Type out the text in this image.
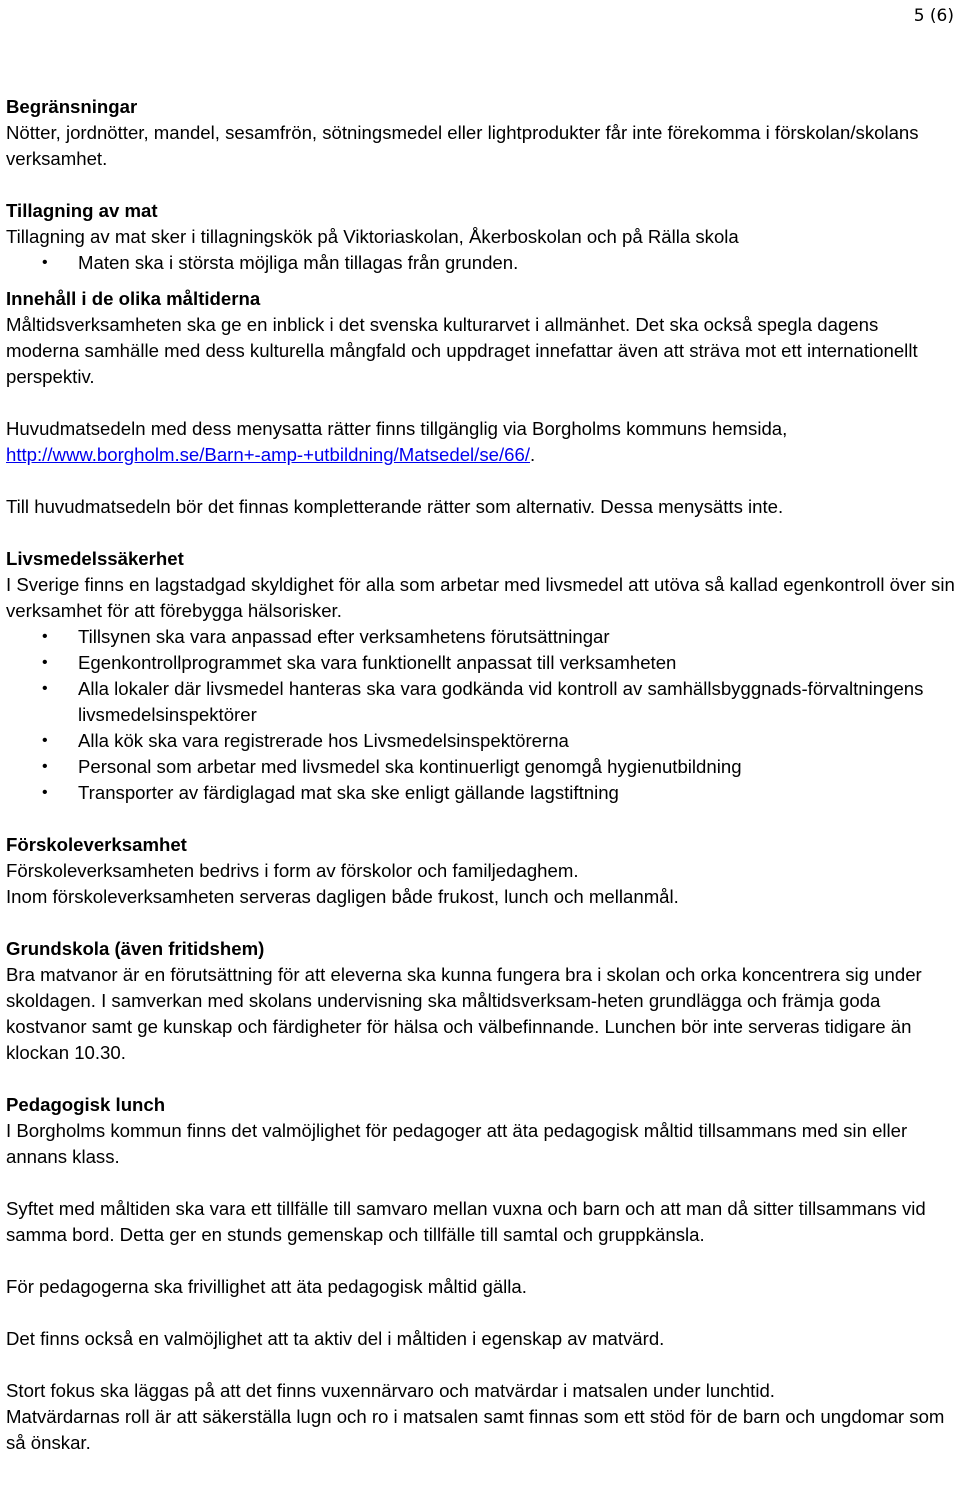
5 (6)

Begränsningar

Nötter, jordnötter, mandel, sesamfrön, sötningsmedel eller lightprodukter får inte förekomma i förskolan/skolans verksamhet.

Tillagning av mat

Tillagning av mat sker i tillagningskök på Viktoriaskolan, Åkerboskolan och på Rälla skola

• Maten ska i största möjliga mån tillagas från grunden.

Innehåll i de olika måltiderna

Måltidsverksamheten ska ge en inblick i det svenska kulturarvet i allmänhet. Det ska också spegla dagens moderna samhälle med dess kulturella mångfald och uppdraget innefattar även att sträva mot ett internationellt perspektiv.

Huvudmatsedeln med dess menysatta rätter finns tillgänglig via Borgholms kommuns hemsida,
http://www.borgholm.se/Barn+-amp-+utbildning/Matsedel/se/66/.

Till huvudmatsedeln bör det finnas kompletterande rätter som alternativ. Dessa menysätts inte.

Livsmedelssäkerhet

I Sverige finns en lagstadgad skyldighet för alla som arbetar med livsmedel att utöva så kallad egenkontroll över sin verksamhet för att förebygga hälsorisker.

• Tillsynen ska vara anpassad efter verksamhetens förutsättningar
• Egenkontrollprogrammet ska vara funktionellt anpassat till verksamheten
• Alla lokaler där livsmedel hanteras ska vara godkända vid kontroll av samhällsbyggnads-förvaltningens livsmedelsinspektörer
• Alla kök ska vara registrerade hos Livsmedelsinspektörerna
• Personal som arbetar med livsmedel ska kontinuerligt genomgå hygienutbildning
• Transporter av färdiglagad mat ska ske enligt gällande lagstiftning

Förskoleverksamhet

Förskoleverksamheten bedrivs i form av förskolor och familjedaghem.

Inom förskoleverksamheten serveras dagligen både frukost, lunch och mellanmål.

Grundskola (även fritidshem)

Bra matvanor är en förutsättning för att eleverna ska kunna fungera bra i skolan och orka koncentrera sig under skoldagen. I samverkan med skolans undervisning ska måltidsverksam-heten grundlägga och främja goda kostvanor samt ge kunskap och färdigheter för hälsa och välbefinnande. Lunchen bör inte serveras tidigare än klockan 10.30.

Pedagogisk lunch

I Borgholms kommun finns det valmöjlighet för pedagoger att äta pedagogisk måltid tillsammans med sin eller annans klass.

Syftet med måltiden ska vara ett tillfälle till samvaro mellan vuxna och barn och att man då sitter tillsammans vid samma bord. Detta ger en stunds gemenskap och tillfälle till samtal och gruppkänsla.

För pedagogerna ska frivillighet att äta pedagogisk måltid gälla.

Det finns också en valmöjlighet att ta aktiv del i måltiden i egenskap av matvärd.

Stort fokus ska läggas på att det finns vuxennärvaro och matvärdar i matsalen under lunchtid.

Matvärdarnas roll är att säkerställa lugn och ro i matsalen samt finnas som ett stöd för de barn och ungdomar som så önskar.
